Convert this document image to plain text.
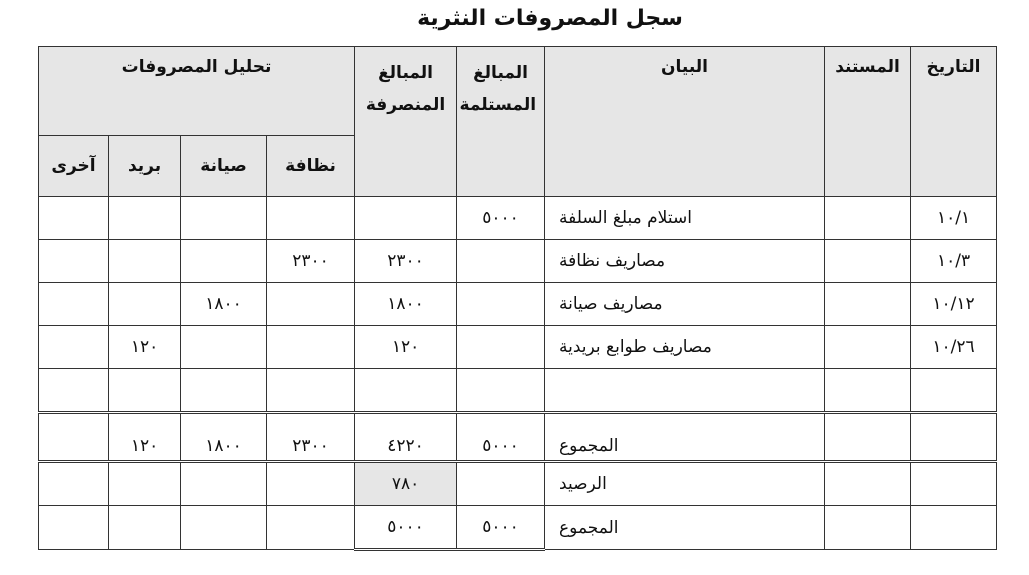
سجل المصروفات النثرية
التاريخ	المستند	البيان	المبالغ المستلمة	المبالغ المنصرفة	تحليل المصروفات			
					نظافة	صيانة	بريد	آخرى
١٠/١		استلام مبلغ السلفة	٥٠٠٠					
١٠/٣		مصاريف نظافة		٢٣٠٠	٢٣٠٠			
١٠/١٢		مصاريف صيانة		١٨٠٠		١٨٠٠		
١٠/٢٦		مصاريف طوابع بريدية		١٢٠			١٢٠	

		المجموع	٥٠٠٠	٤٢٢٠	٢٣٠٠	١٨٠٠	١٢٠	
		الرصيد		٧٨٠				
		المجموع	٥٠٠٠	٥٠٠٠				
